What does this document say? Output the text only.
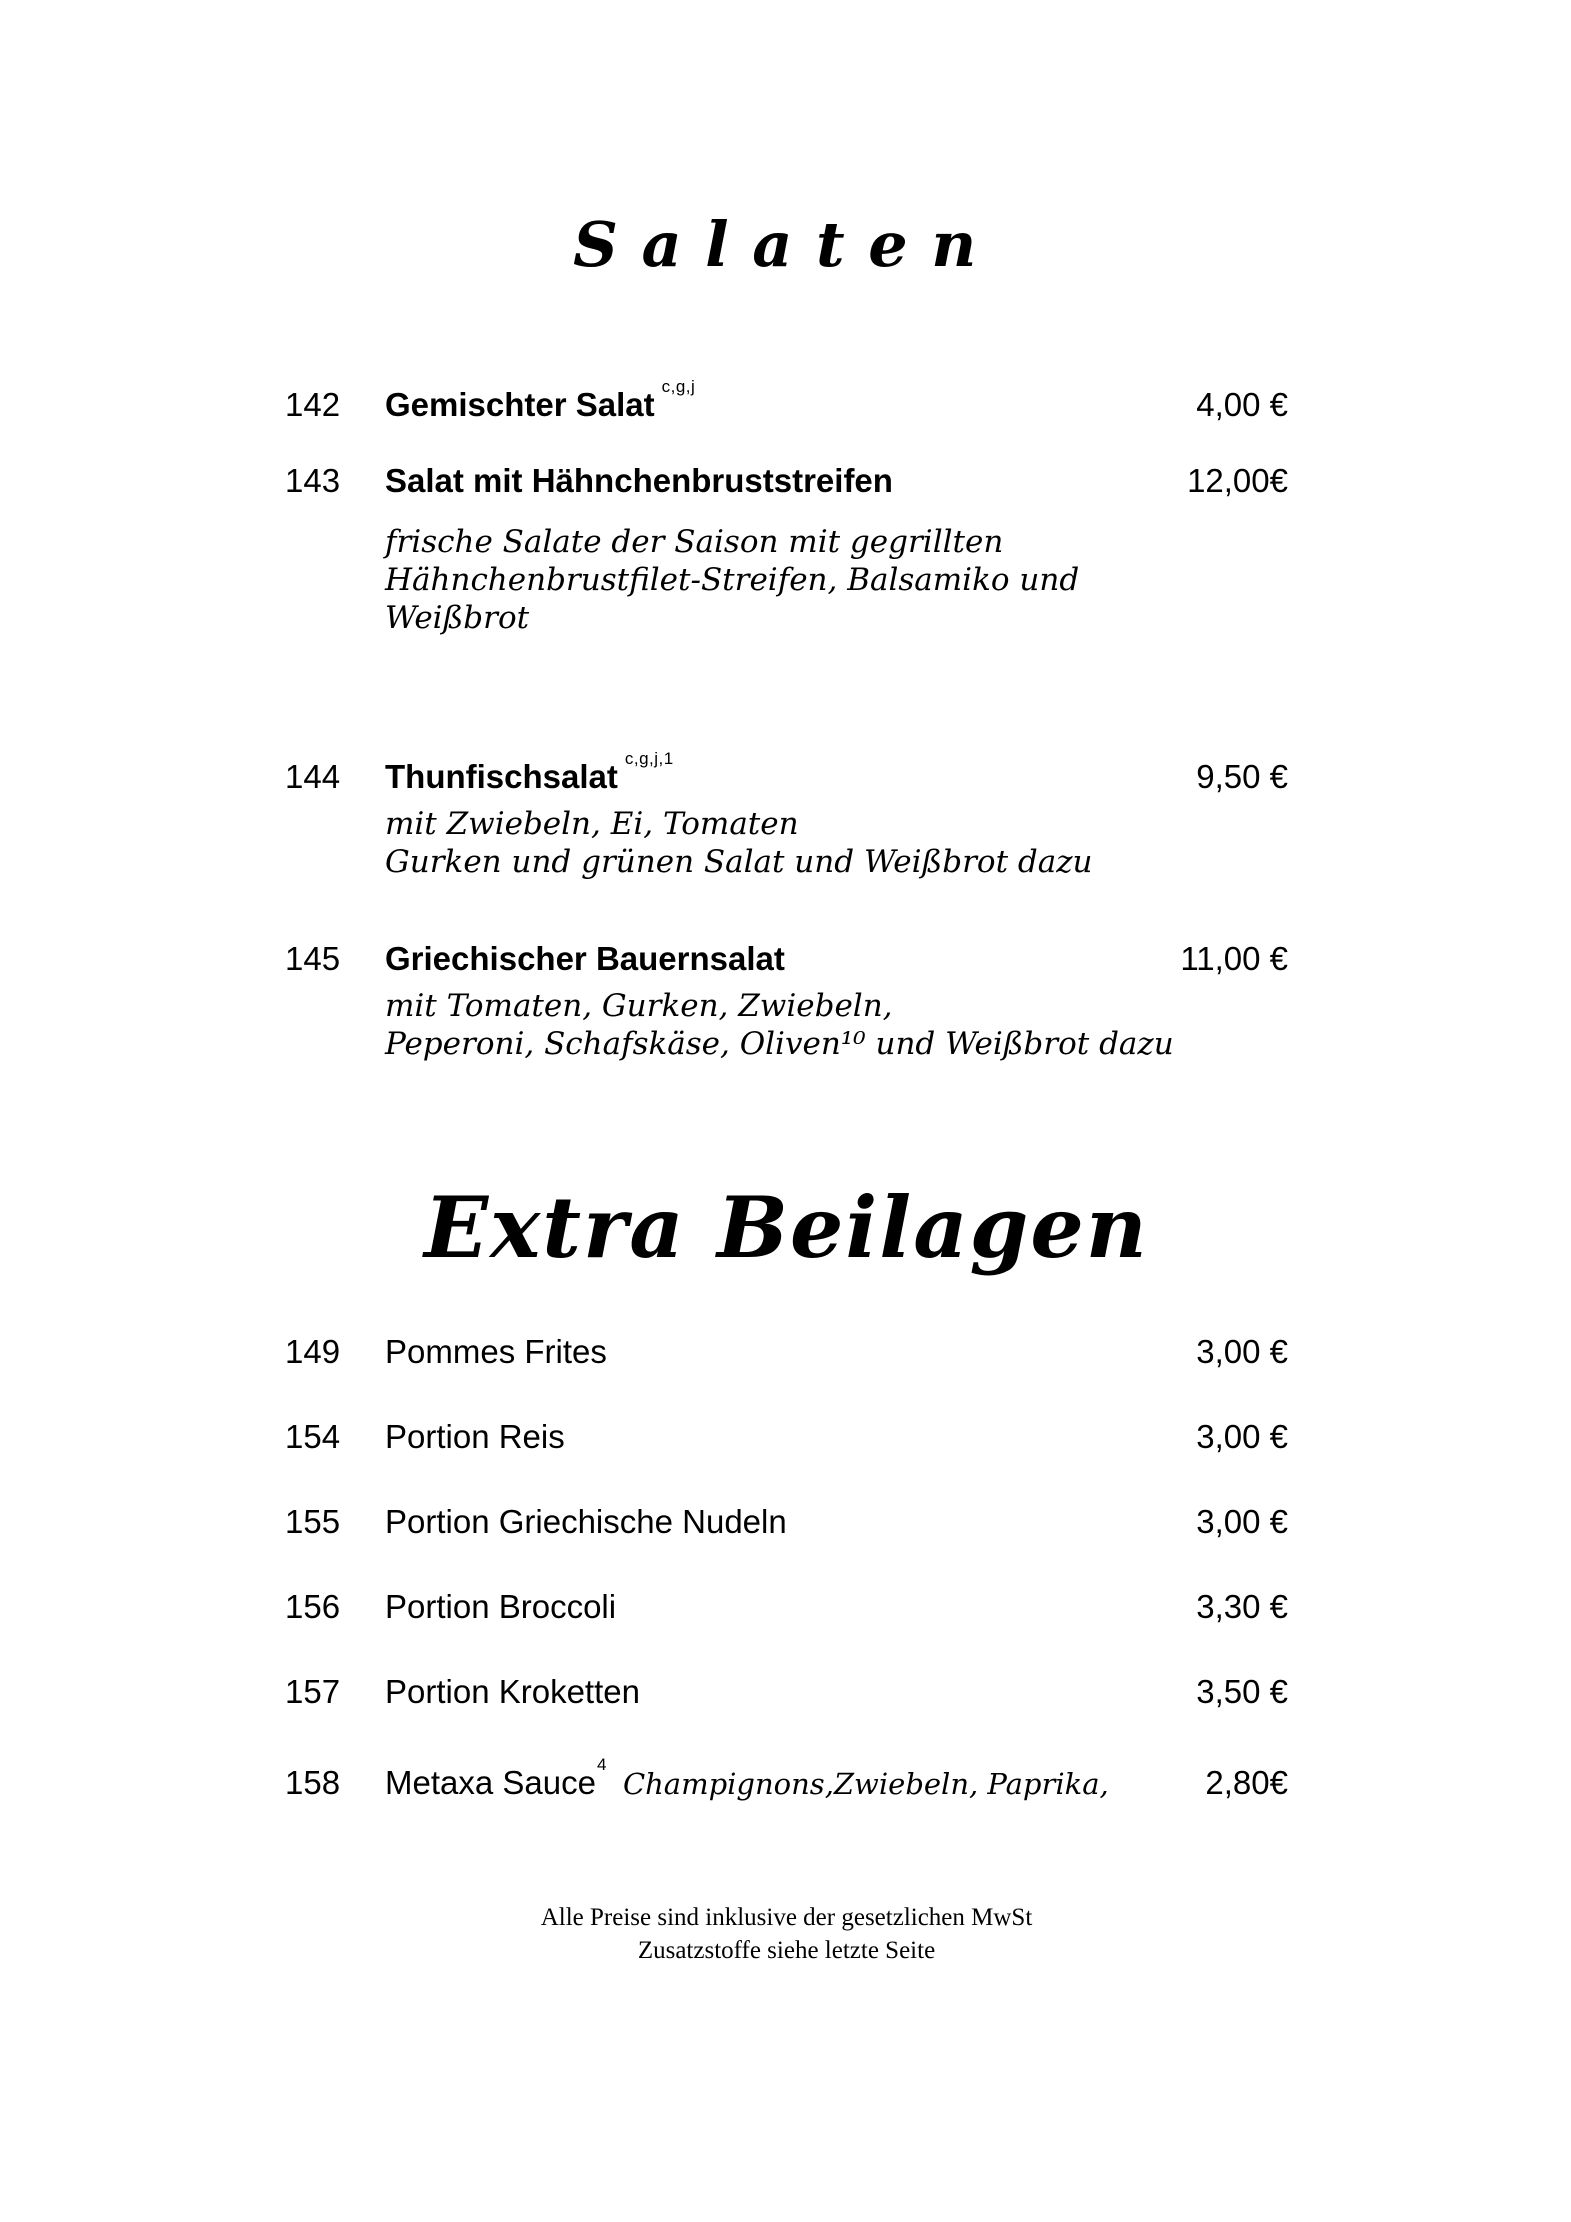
Salaten
142	Gemischter Salat $^{c,g,j}$	4,00 €
143	Salat mit Hähnchenbruststreifen	12,00€
frische Salate der Saison mit gegrillten
Hähnchenbrustfilet-Streifen, Balsamiko und
Weißbrot
144	Thunfischsalat $^{c,g,j,1}$	9,50 €
mit Zwiebeln, Ei, Tomaten
Gurken und grünen Salat und Weißbrot dazu
145	Griechischer Bauernsalat	11,00 €
mit Tomaten, Gurken, Zwiebeln,
Peperoni, Schafskäse, Oliven¹⁰ und Weißbrot dazu
Extra Beilagen
149	Pommes Frites	3,00 €
154	Portion Reis	3,00 €
155	Portion Griechische Nudeln	3,00 €
156	Portion Broccoli	3,30 €
157	Portion Kroketten	3,50 €
158	Metaxa Sauce$^4$Champignons,Zwiebeln, Paprika,	2,80€
Alle Preise sind inklusive der gesetzlichen MwSt
Zusatzstoffe siehe letzte Seite
